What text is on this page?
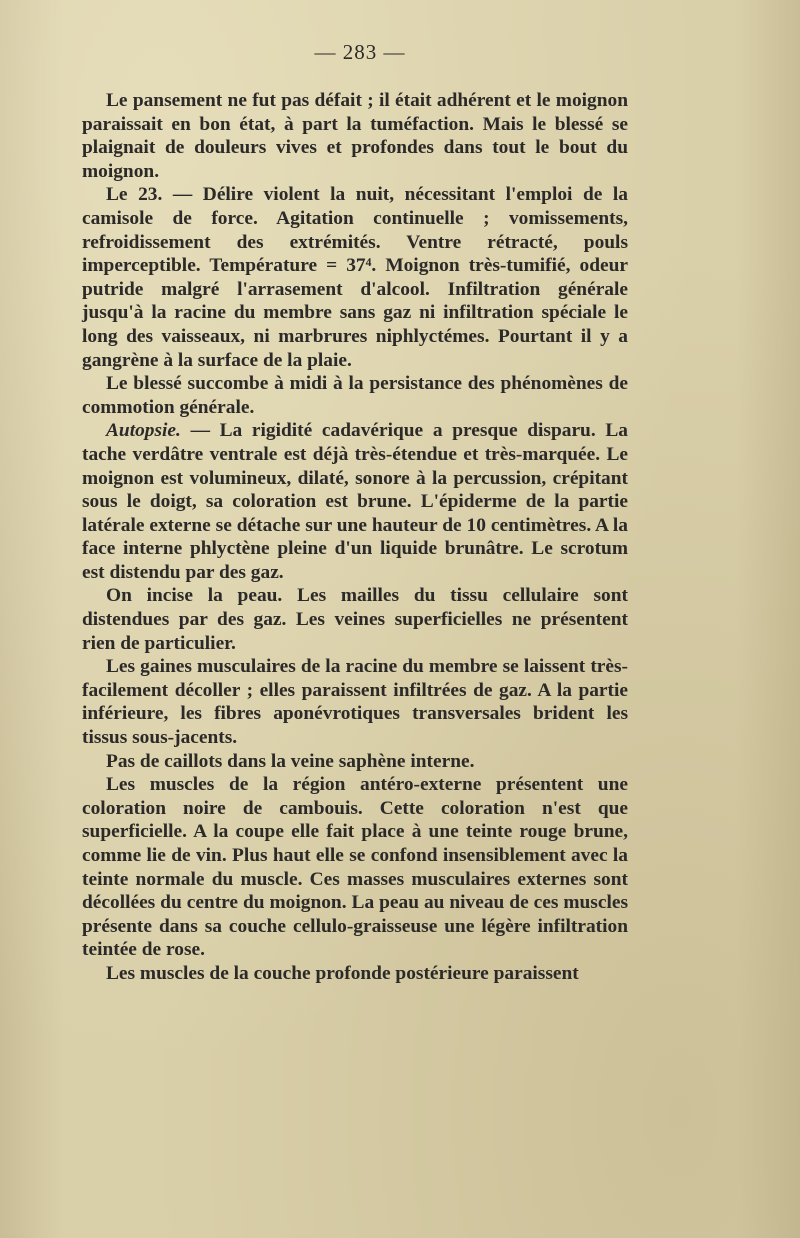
— 283 —

Le pansement ne fut pas défait ; il était adhérent et le moignon paraissait en bon état, à part la tuméfaction. Mais le blessé se plaignait de douleurs vives et profondes dans tout le bout du moignon.

Le 23. — Délire violent la nuit, nécessitant l'emploi de la camisole de force. Agitation continuelle ; vomissements, refroidissement des extrémités. Ventre rétracté, pouls imperceptible. Température = 37⁴. Moignon très-tumifié, odeur putride malgré l'arrasement d'alcool. Infiltration générale jusqu'à la racine du membre sans gaz ni infiltration spéciale le long des vaisseaux, ni marbrures niphlyctémes. Pourtant il y a gangrène à la surface de la plaie.

Le blessé succombe à midi à la persistance des phénomènes de commotion générale.

Autopsie. — La rigidité cadavérique a presque disparu. La tache verdâtre ventrale est déjà très-étendue et très-marquée. Le moignon est volumineux, dilaté, sonore à la percussion, crépitant sous le doigt, sa coloration est brune. L'épiderme de la partie latérale externe se détache sur une hauteur de 10 centimètres. A la face interne phlyctène pleine d'un liquide brunâtre. Le scrotum est distendu par des gaz.

On incise la peau. Les mailles du tissu cellulaire sont distendues par des gaz. Les veines superficielles ne présentent rien de particulier.

Les gaines musculaires de la racine du membre se laissent très-facilement décoller ; elles paraissent infiltrées de gaz. A la partie inférieure, les fibres aponévrotiques transversales brident les tissus sous-jacents.

Pas de caillots dans la veine saphène interne.

Les muscles de la région antéro-externe présentent une coloration noire de cambouis. Cette coloration n'est que superficielle. A la coupe elle fait place à une teinte rouge brune, comme lie de vin. Plus haut elle se confond insensiblement avec la teinte normale du muscle. Ces masses musculaires externes sont décollées du centre du moignon. La peau au niveau de ces muscles présente dans sa couche cellulo-graisseuse une légère infiltration teintée de rose.

Les muscles de la couche profonde postérieure paraissent
